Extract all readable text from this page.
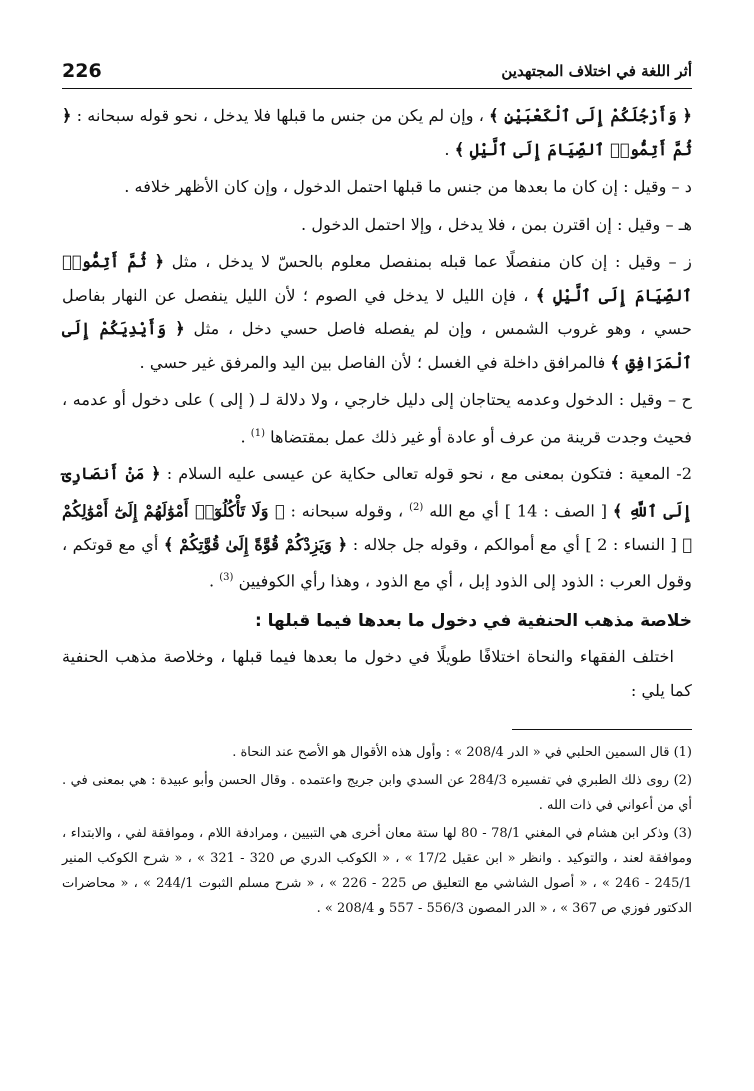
أثر اللغة في اختلاف المجتهدين
226

﴿ وَأَرْجُلَكُمْ إِلَى ٱلْكَعْبَيْنِ ﴾ ، وإن لم يكن من جنس ما قبلها فلا يدخل ، نحو قوله سبحانه : ﴿ ثُمَّ أَتِمُّوا۟ ٱلصِّيَامَ إِلَى ٱلَّيْلِ ﴾ .

د – وقيل : إن كان ما بعدها من جنس ما قبلها احتمل الدخول ، وإن كان الأظهر خلافه .

هـ – وقيل : إن اقترن بمن ، فلا يدخل ، وإلا احتمل الدخول .

ز – وقيل : إن كان منفصلًا عما قبله بمنفصل معلوم بالحسّ لا يدخل ، مثل ﴿ ثُمَّ أَتِمُّوا۟ ٱلصِّيَامَ إِلَى ٱلَّيْلِ ﴾ ، فإن الليل لا يدخل في الصوم ؛ لأن الليل ينفصل عن النهار بفاصل حسي ، وهو غروب الشمس ، وإن لم يفصله فاصل حسي دخل ، مثل ﴿ وَأَيْدِيَكُمْ إِلَى ٱلْمَرَافِقِ ﴾ فالمرافق داخلة في الغسل ؛ لأن الفاصل بين اليد والمرفق غير حسي .

ح – وقيل : الدخول وعدمه يحتاجان إلى دليل خارجي ، ولا دلالة لـ ( إلى ) على دخول أو عدمه ، فحيث وجدت قرينة من عرف أو عادة أو غير ذلك عمل بمقتضاها $^{(1)}$ .

2- المعية : فتكون بمعنى مع ، نحو قوله تعالى حكاية عن عيسى عليه السلام : ﴿ مَنْ أَنصَارِىٓ إِلَى ٱللَّهِ ﴾ [ الصف : 14 ] أي مع الله $^{(2)}$ ، وقوله سبحانه : ﴿ وَلَا تَأْكُلُوٓا۟ أَمْوَٰلَهُمْ إِلَىٰٓ أَمْوَٰلِكُمْ ﴾ [ النساء : 2 ] أي مع أموالكم ، وقوله جل جلاله : ﴿ وَيَزِدْكُمْ قُوَّةً إِلَىٰ قُوَّتِكُمْ ﴾ أي مع قوتكم ، وقول العرب : الذود إلى الذود إبل ، أي مع الذود ، وهذا رأي الكوفيين $^{(3)}$ .

خلاصة مذهب الحنفية في دخول ما بعدها فيما قبلها :

اختلف الفقهاء والنحاة اختلافًا طويلًا في دخول ما بعدها فيما قبلها ، وخلاصة مذهب الحنفية كما يلي :

(1) قال السمين الحلبي في « الدر 208/4 » : وأول هذه الأقوال هو الأصح عند النحاة .

(2) روى ذلك الطبري في تفسيره 284/3 عن السدي وابن جريج واعتمده . وقال الحسن وأبو عبيدة : هي بمعنى في . أي من أعواني في ذات الله .

(3) وذكر ابن هشام في المغني 78/1 - 80 لها ستة معان أخرى هي التبيين ، ومرادفة اللام ، وموافقة لفي ، والابتداء ، وموافقة لعند ، والتوكيد . وانظر « ابن عقيل 17/2 » ، « الكوكب الدري ص 320 - 321 » ، « شرح الكوكب المنير 245/1 - 246 » ، « أصول الشاشي مع التعليق ص 225 - 226 » ، « شرح مسلم الثبوت 244/1 » ، « محاضرات الدكتور فوزي ص 367 » ، « الدر المصون 556/3 - 557 و 208/4 » .
